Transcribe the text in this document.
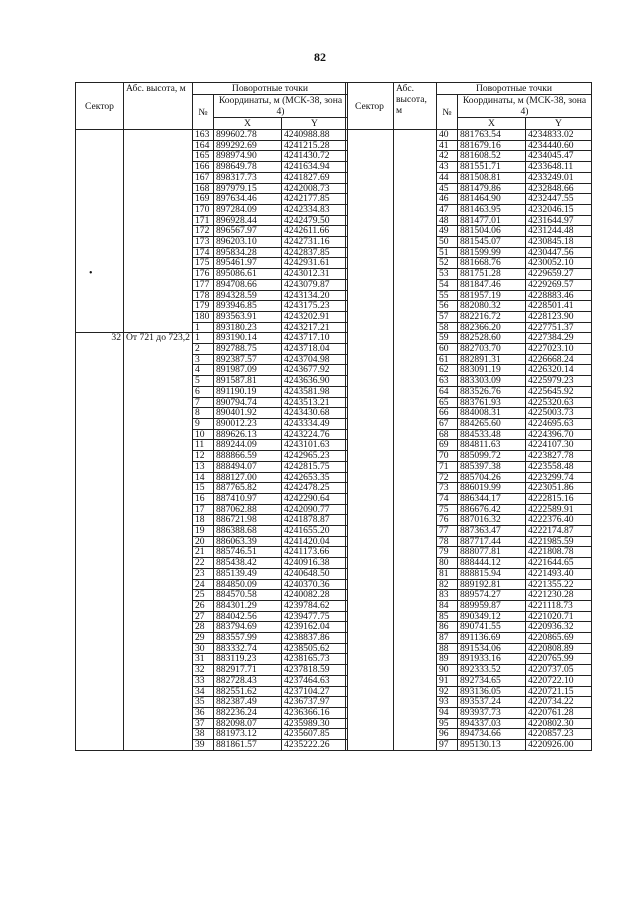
82
Сектор	Абс. высота, м	Поворотные точки		
		№	Координаты, м (МСК-38, зона 4)	
			X	Y
		163	899602.78	4240988.88
		164	899292.69	4241215.28
		165	898974.90	4241430.72
		166	898649.78	4241634.94
		167	898317.73	4241827.69
		168	897979.15	4242008.73
		169	897634.46	4242177.85
		170	897284.09	4242334.83
		171	896928.44	4242479.50
		172	896567.97	4242611.66
		173	896203.10	4242731.16
		174	895834.28	4242837.85
		175	895461.97	4242931.61
		176	895086.61	4243012.31
		177	894708.66	4243079.87
		178	894328.59	4243134.20
		179	893946.85	4243175.23
		180	893563.91	4243202.91
		1	893180.23	4243217.21
32	От 721 до 723,2	1	893190.14	4243717.10
		2	892788.75	4243718.04
		3	892387.57	4243704.98
		4	891987.09	4243677.92
		5	891587.81	4243636.90
		6	891190.19	4243581.98
		7	890794.74	4243513.21
		8	890401.92	4243430.68
		9	890012.23	4243334.49
		10	889626.13	4243224.76
		11	889244.09	4243101.63
		12	888866.59	4242965.23
		13	888494.07	4242815.75
		14	888127.00	4242653.35
		15	887765.82	4242478.25
		16	887410.97	4242290.64
		17	887062.88	4242090.77
		18	886721.98	4241878.87
		19	886388.68	4241655.20
		20	886063.39	4241420.04
		21	885746.51	4241173.66
		22	885438.42	4240916.38
		23	885139.49	4240648.50
		24	884850.09	4240370.36
		25	884570.58	4240082.28
		26	884301.29	4239784.62
		27	884042.56	4239477.75
		28	883794.69	4239162.04
		29	883557.99	4238837.86
		30	883332.74	4238505.62
		31	883119.23	4238165.73
		32	882917.71	4237818.59
		33	882728.43	4237464.63
		34	882551.62	4237104.27
		35	882387.49	4236737.97
		36	882236.24	4236366.16
		37	882098.07	4235989.30
		38	881973.12	4235607.85
		39	881861.57	4235222.26
Сектор	Абс. высота, м	Поворотные точки		
		№	Координаты, м (МСК-38, зона 4)	
			X	Y
		40	881763.54	4234833.02
		41	881679.16	4234440.60
		42	881608.52	4234045.47
		43	881551.71	4233648.11
		44	881508.81	4233249.01
		45	881479.86	4232848.66
		46	881464.90	4232447.55
		47	881463.95	4232046.15
		48	881477.01	4231644.97
		49	881504.06	4231244.48
		50	881545.07	4230845.18
		51	881599.99	4230447.56
		52	881668.76	4230052.10
		53	881751.28	4229659.27
		54	881847.46	4229269.57
		55	881957.19	4228883.46
		56	882080.32	4228501.41
		57	882216.72	4228123.90
		58	882366.20	4227751.37
		59	882528.60	4227384.29
		60	882703.70	4227023.10
		61	882891.31	4226668.24
		62	883091.19	4226320.14
		63	883303.09	4225979.23
		64	883526.76	4225645.92
		65	883761.93	4225320.63
		66	884008.31	4225003.73
		67	884265.60	4224695.63
		68	884533.48	4224396.70
		69	884811.63	4224107.30
		70	885099.72	4223827.78
		71	885397.38	4223558.48
		72	885704.26	4223299.74
		73	886019.99	4223051.86
		74	886344.17	4222815.16
		75	886676.42	4222589.91
		76	887016.32	4222376.40
		77	887363.47	4222174.87
		78	887717.44	4221985.59
		79	888077.81	4221808.78
		80	888444.12	4221644.65
		81	888815.94	4221493.40
		82	889192.81	4221355.22
		83	889574.27	4221230.28
		84	889959.87	4221118.73
		85	890349.12	4221020.71
		86	890741.55	4220936.32
		87	891136.69	4220865.69
		88	891534.06	4220808.89
		89	891933.16	4220765.99
		90	892333.52	4220737.05
		91	892734.65	4220722.10
		92	893136.05	4220721.15
		93	893537.24	4220734.22
		94	893937.73	4220761.28
		95	894337.03	4220802.30
		96	894734.66	4220857.23
		97	895130.13	4220926.00
•
